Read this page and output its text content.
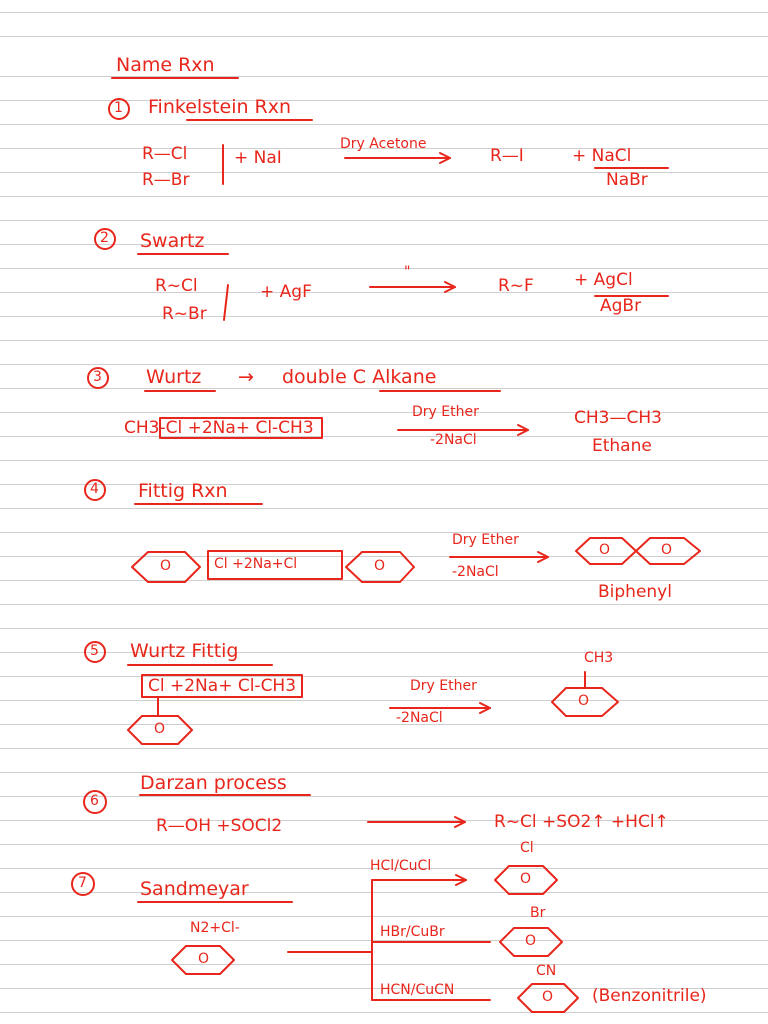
Name Rxn
1 Finkelstein Rxn
R—Cl
R—Br
+ NaI
Dry Acetone
R—I	+ NaCl
NaBr
2 Swartz
R~Cl
R~Br
+ AgF
"
R~F + AgCl
AgBr
3 Wurtz → double C Alkane
CH3-Cl +2Na+ Cl-CH3
Dry Ether
-2NaCl
CH3—CH3
Ethane
4 Fittig Rxn
O	Cl +2Na+Cl	O
Dry Ether
-2NaCl
O	O
Biphenyl
5 Wurtz Fittig
Cl +2Na+ Cl-CH3
O
Dry Ether
-2NaCl
CH3
O
6
Darzan process
R—OH +SOCl2	R~Cl +SO2↑ +HCl↑
7	Sandmeyar
N2+Cl-
O
HCl/CuCl
Cl
O
HBr/CuBr
Br
O
HCN/CuCN
CN
O (Benzonitrile)
